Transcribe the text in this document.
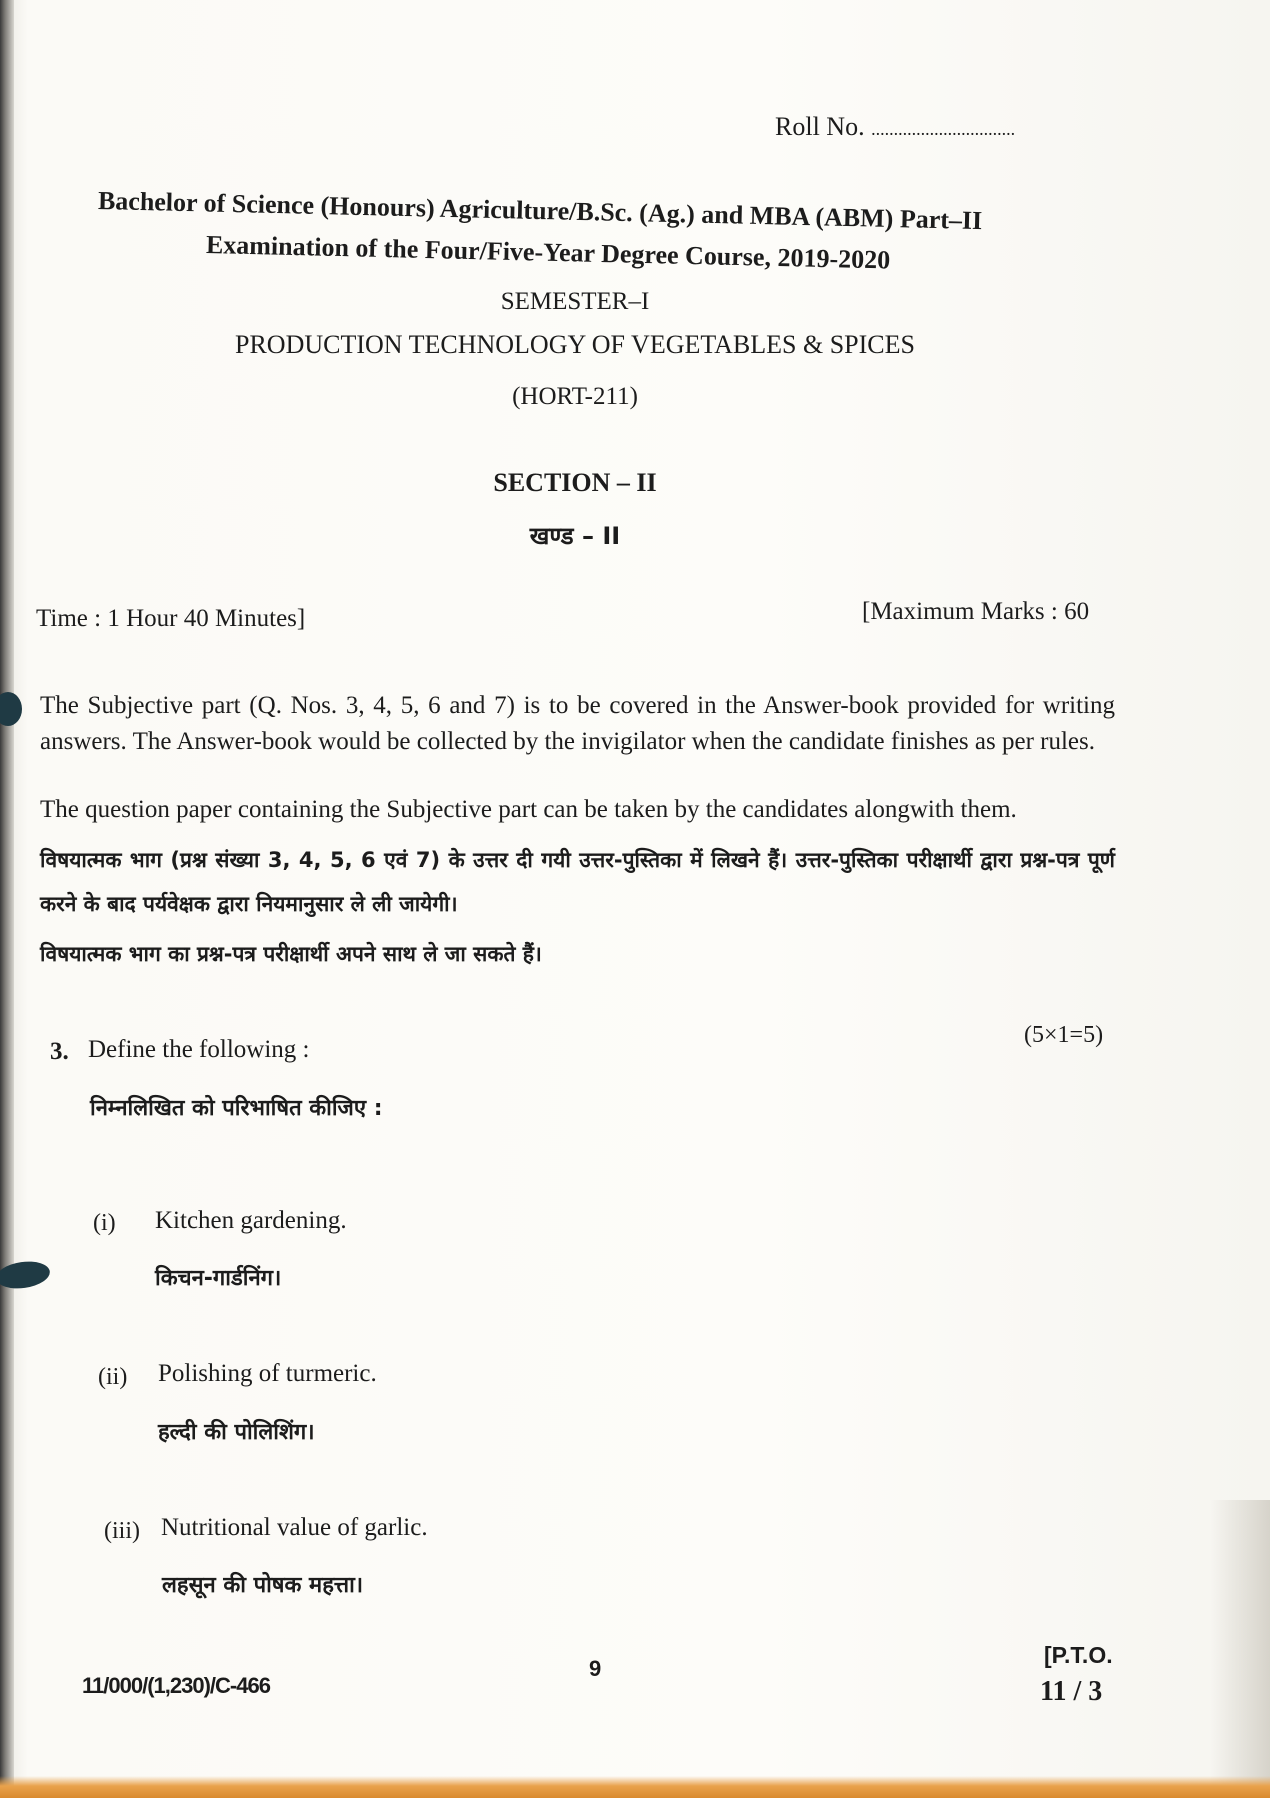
Roll No. ................................
Bachelor of Science (Honours) Agriculture/B.Sc. (Ag.) and MBA (ABM) Part–II
Examination of the Four/Five-Year Degree Course, 2019-2020
SEMESTER–I
PRODUCTION TECHNOLOGY OF VEGETABLES & SPICES
(HORT-211)
SECTION – II
खण्ड – II
Time : 1 Hour 40 Minutes]	[Maximum Marks : 60
The Subjective part (Q. Nos. 3, 4, 5, 6 and 7) is to be covered in the Answer-book provided for writing answers. The Answer-book would be collected by the invigilator when the candidate finishes as per rules.
The question paper containing the Subjective part can be taken by the candidates alongwith them.
विषयात्मक भाग (प्रश्न संख्या 3, 4, 5, 6 एवं 7) के उत्तर दी गयी उत्तर-पुस्तिका में लिखने हैं। उत्तर-पुस्तिका परीक्षार्थी द्वारा प्रश्न-पत्र पूर्ण करने के बाद पर्यवेक्षक द्वारा नियमानुसार ले ली जायेगी।
विषयात्मक भाग का प्रश्न-पत्र परीक्षार्थी अपने साथ ले जा सकते हैं।
3. Define the following :
(5×1=5)
निम्नलिखित को परिभाषित कीजिए :
(i) Kitchen gardening.
किचन-गार्डनिंग।
(ii) Polishing of turmeric.
हल्दी की पोलिशिंग।
(iii) Nutritional value of garlic.
लहसून की पोषक महत्ता।
11/000/(1,230)/C-466
9
[P.T.O.
11 / 3
